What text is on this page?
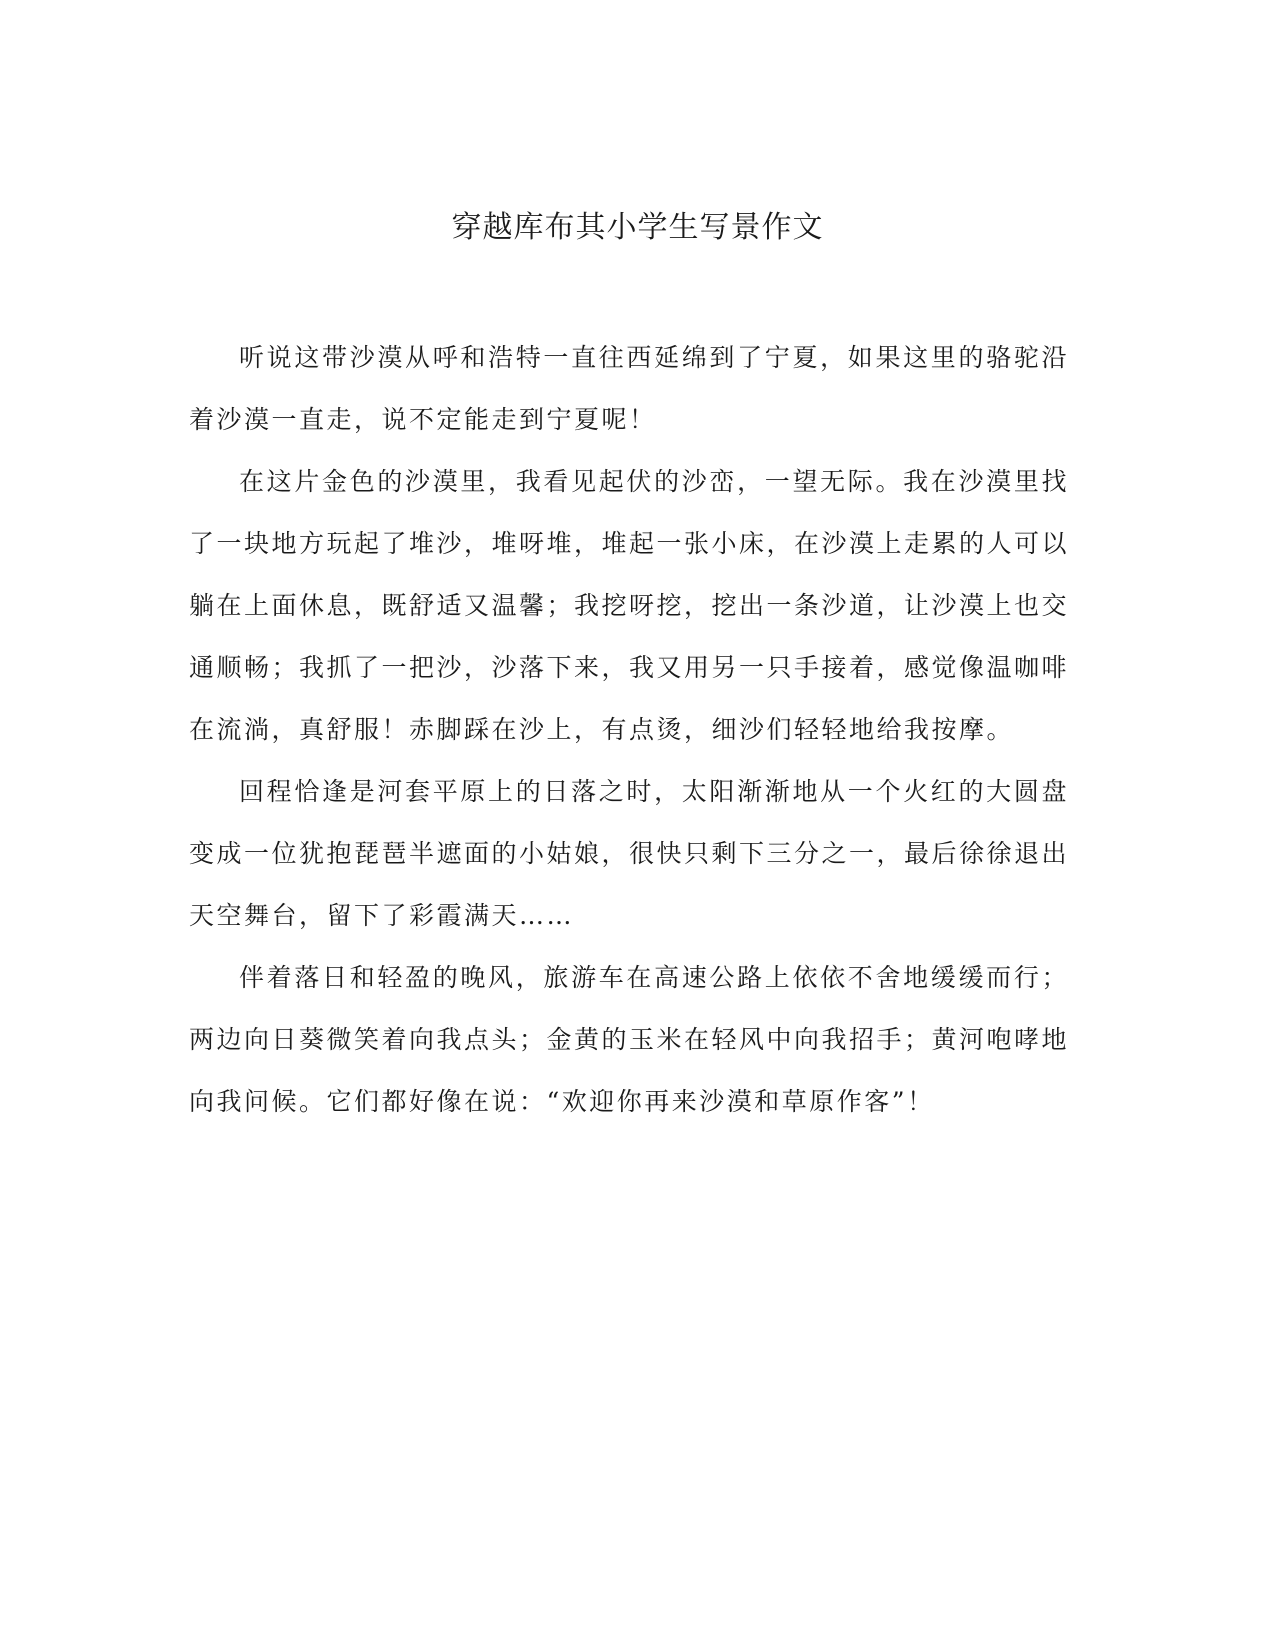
穿越库布其小学生写景作文

听说这带沙漠从呼和浩特一直往西延绵到了宁夏，如果这里的骆驼沿着沙漠一直走，说不定能走到宁夏呢！

在这片金色的沙漠里，我看见起伏的沙峦，一望无际。我在沙漠里找了一块地方玩起了堆沙，堆呀堆，堆起一张小床，在沙漠上走累的人可以躺在上面休息，既舒适又温馨；我挖呀挖，挖出一条沙道，让沙漠上也交通顺畅；我抓了一把沙，沙落下来，我又用另一只手接着，感觉像温咖啡在流淌，真舒服！赤脚踩在沙上，有点烫，细沙们轻轻地给我按摩。

回程恰逢是河套平原上的日落之时，太阳渐渐地从一个火红的大圆盘变成一位犹抱琵琶半遮面的小姑娘，很快只剩下三分之一，最后徐徐退出天空舞台，留下了彩霞满天……

伴着落日和轻盈的晚风，旅游车在高速公路上依依不舍地缓缓而行；两边向日葵微笑着向我点头；金黄的玉米在轻风中向我招手；黄河咆哮地向我问候。它们都好像在说：“欢迎你再来沙漠和草原作客”！
